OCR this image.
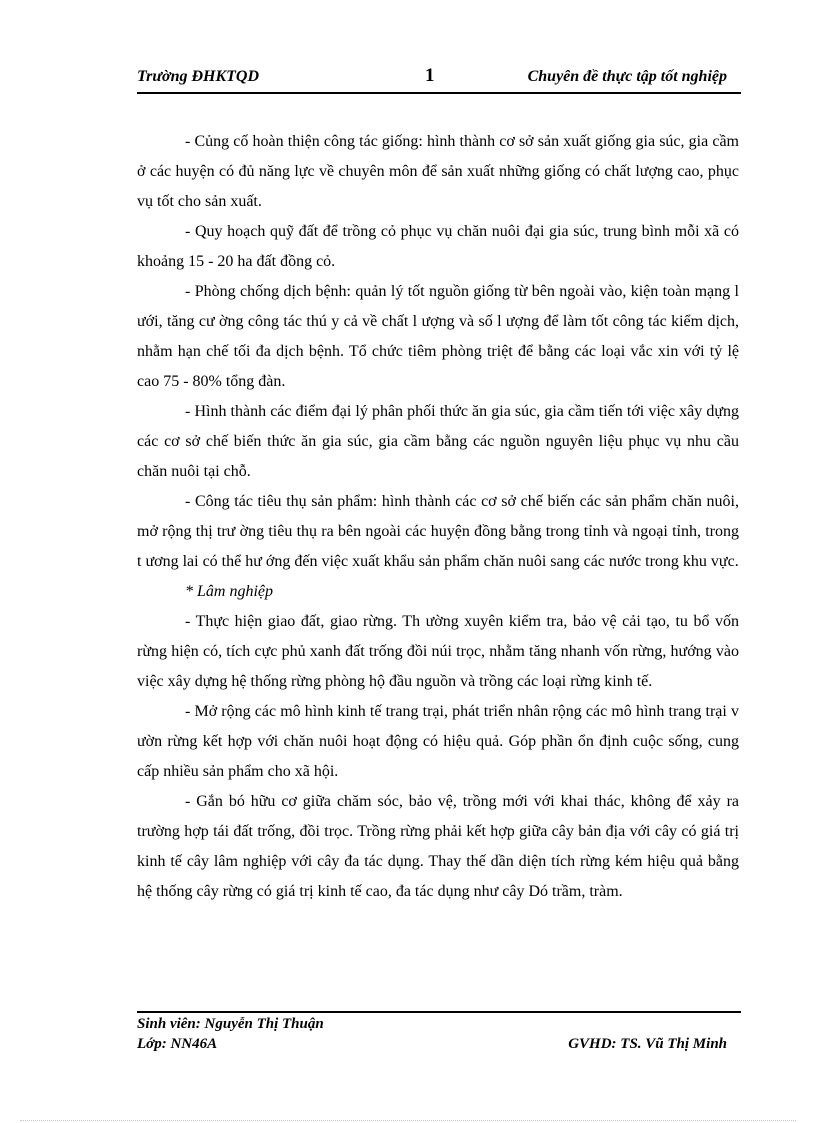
Trường ĐHKTQD	1	Chuyên đề thực tập tốt nghiệp

- Củng cố hoàn thiện công tác giống: hình thành cơ sở sản xuất giống gia súc, gia cầm ở các huyện có đủ năng lực về chuyên môn để sản xuất những giống có chất lượng cao, phục vụ tốt cho sản xuất.

- Quy hoạch quỹ đất để trồng cỏ phục vụ chăn nuôi đại gia súc, trung bình mỗi xã có khoảng 15 - 20 ha đất đồng cỏ.

- Phòng chống dịch bệnh: quản lý tốt nguồn giống từ bên ngoài vào, kiện toàn mạng l ưới, tăng cư ờng công tác thú y cả về chất l ượng và số l ượng để làm tốt công tác kiểm dịch, nhằm hạn chế tối đa dịch bệnh. Tổ chức tiêm phòng triệt để bằng các loại vắc xin với tỷ lệ cao 75 - 80% tổng đàn.

- Hình thành các điểm đại lý phân phối thức ăn gia súc, gia cầm tiến tới việc xây dựng các cơ sở chế biến thức ăn gia súc, gia cầm bằng các nguồn nguyên liệu phục vụ nhu cầu chăn nuôi tại chỗ.

- Công tác tiêu thụ sản phẩm: hình thành các cơ sở chế biến các sản phẩm chăn nuôi, mở rộng thị trư ờng tiêu thụ ra bên ngoài các huyện đồng bằng trong tỉnh và ngoại tỉnh, trong t ương lai có thể hư ớng đến việc xuất khẩu sản phẩm chăn nuôi sang các nước trong khu vực.

* Lâm nghiệp

- Thực hiện giao đất, giao rừng. Th ường xuyên kiểm tra, bảo vệ cải tạo, tu bổ vốn rừng hiện có, tích cực phủ xanh đất trống đồi núi trọc, nhằm tăng nhanh vốn rừng, hướng vào việc xây dựng hệ thống rừng phòng hộ đầu nguồn và trồng các loại rừng kinh tế.

- Mở rộng các mô hình kinh tế trang trại, phát triển nhân rộng các mô hình trang trại v ườn rừng kết hợp với chăn nuôi hoạt động có hiệu quả. Góp phần ổn định cuộc sống, cung cấp nhiều sản phẩm cho xã hội.

- Gắn bó hữu cơ giữa chăm sóc, bảo vệ, trồng mới với khai thác, không để xảy ra trường hợp tái đất trống, đồi trọc. Trồng rừng phải kết hợp giữa cây bản địa với cây có giá trị kinh tế cây lâm nghiệp với cây đa tác dụng. Thay thế dần diện tích rừng kém hiệu quả bằng hệ thống cây rừng có giá trị kinh tế cao, đa tác dụng như cây Dó trầm, tràm.

Sinh viên: Nguyễn Thị Thuận
Lớp: NN46A	GVHD: TS. Vũ Thị Minh
